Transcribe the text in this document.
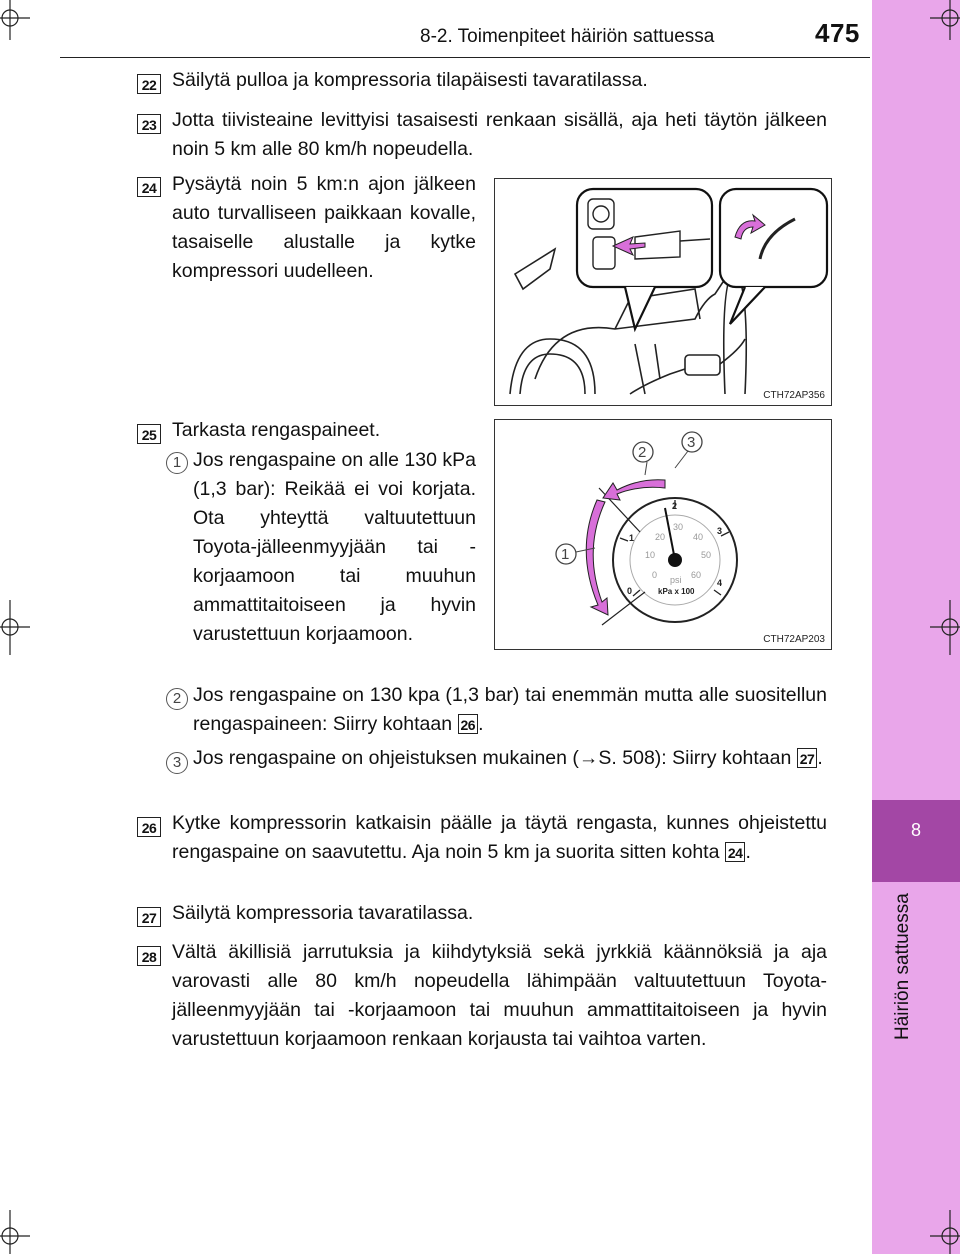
8-2. Toimenpiteet häiriön sattuessa	475
8
Häiriön sattuessa
22 Säilytä pulloa ja kompressoria tilapäisesti tavaratilassa.
23 Jotta tiivisteaine levittyisi tasaisesti renkaan sisällä, aja heti täytön jälkeen noin 5 km alle 80 km/h nopeudella.
24 Pysäytä noin 5 km:n ajon jälkeen auto turvalliseen paikkaan kovalle, tasaiselle alustalle ja kytke kompressori uudelleen.
CTH72AP356
25 Tarkasta rengaspaineet.
1 Jos rengaspaine on alle 130 kPa (1,3 bar): Reikää ei voi korjata. Ota yhteyttä valtuutettuun Toyota-jälleenmyyjään tai -korjaamoon tai muuhun ammattitaitoiseen ja hyvin varustettuun korjaamoon.
0
1
2
3
4
0
10
20
30
40
50
60
psi
kPa x 100
1
2
3
CTH72AP203
2 Jos rengaspaine on 130 kpa (1,3 bar) tai enemmän mutta alle suositellun rengaspaineen: Siirry kohtaan 26 .
3 Jos rengaspaine on ohjeistuksen mukainen (→S. 508): Siirry kohtaan 27 .
26 Kytke kompressorin katkaisin päälle ja täytä rengasta, kunnes ohjeistettu rengaspaine on saavutettu. Aja noin 5 km ja suorita sitten kohta 24 .
27 Säilytä kompressoria tavaratilassa.
28 Vältä äkillisiä jarrutuksia ja kiihdytyksiä sekä jyrkkiä käännöksiä ja aja varovasti alle 80 km/h nopeudella lähimpään valtuutettuun Toyota-jälleenmyyjään tai -korjaamoon tai muuhun ammattitaitoiseen ja hyvin varustettuun korjaamoon renkaan korjausta tai vaihtoa varten.
